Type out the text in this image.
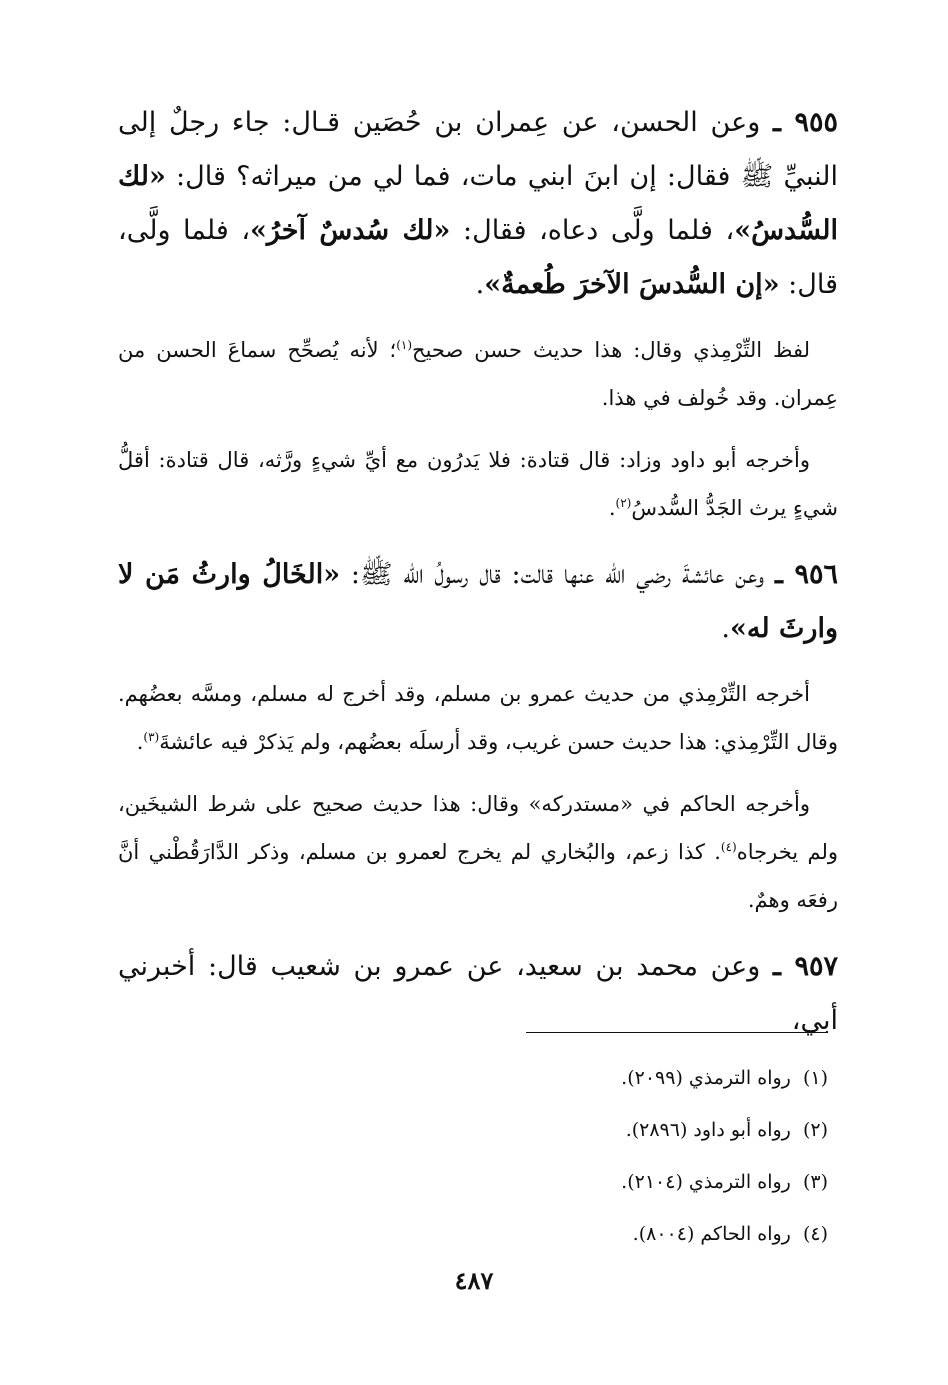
٩٥٥ ـ وعن الحسن، عن عِمران بن حُصَين قـال: جاء رجلٌ إلى النبيِّ ﷺ فقال: إن ابنَ ابني مات، فما لي من ميراثه؟ قال: «لك السُّدسُ»، فلما ولَّى دعاه، فقال: «لك سُدسٌ آخرُ»، فلما ولَّى، قال: «إن السُّدسَ الآخرَ طُعمةٌ».

لفظ التِّرْمِذي وقال: هذا حديث حسن صحيح$^{(١)}$؛ لأنه يُصحِّح سماعَ الحسن من عِمران. وقد خُولف في هذا.

وأخرجه أبو داود وزاد: قال قتادة: فلا يَدرُون مع أيِّ شيءٍ ورَّثه، قال قتادة: أقلُّ شيءٍ يرث الجَدُّ السُّدسُ$^{(٢)}$.

٩٥٦ ـ وعن عائشةَ رضي الله عنها قالت: قال رسولُ الله ﷺ: «الخَالُ وارثُ مَن لا وارثَ له».

أخرجه التِّرْمِذي من حديث عمرو بن مسلم، وقد أخرج له مسلم، ومسَّه بعضُهم. وقال التِّرْمِذي: هذا حديث حسن غريب، وقد أرسلَه بعضُهم، ولم يَذكرْ فيه عائشةَ$^{(٣)}$.

وأخرجه الحاكم في «مستدركه» وقال: هذا حديث صحيح على شرط الشيخَين، ولم يخرجاه$^{(٤)}$. كذا زعم، والبُخاري لم يخرج لعمرو بن مسلم، وذكر الدَّارَقُطْني أنَّ رفعَه وهمٌ.

٩٥٧ ـ وعن محمد بن سعيد، عن عمرو بن شعيب قال: أخبرني أبي،

(١)  رواه الترمذي (٢٠٩٩).
(٢)  رواه أبو داود (٢٨٩٦).
(٣)  رواه الترمذي (٢١٠٤).
(٤)  رواه الحاكم (٨٠٠٤).
٤٨٧
